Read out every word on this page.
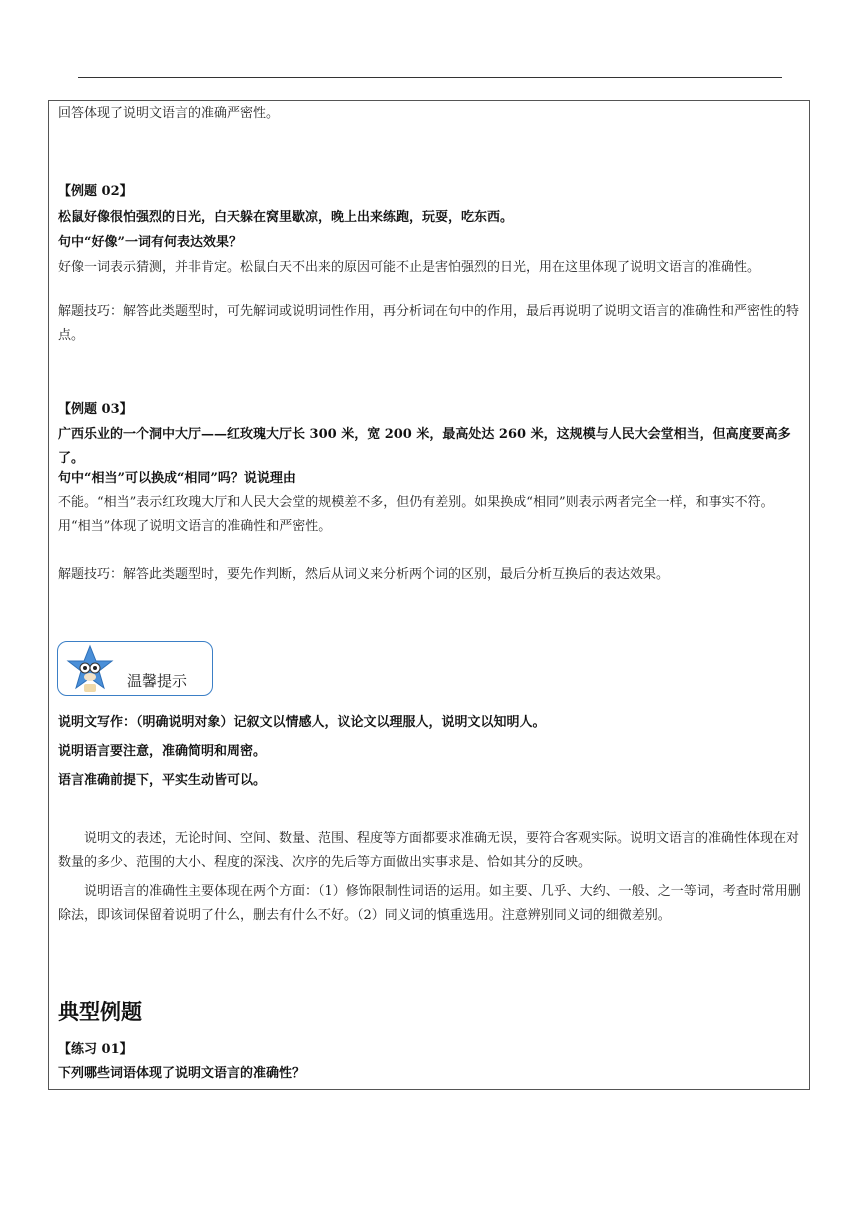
回答体现了说明文语言的准确严密性。
【例题 02】
松鼠好像很怕强烈的日光，白天躲在窝里歇凉，晚上出来练跑，玩耍，吃东西。
句中“好像”一词有何表达效果？
好像一词表示猜测，并非肯定。松鼠白天不出来的原因可能不止是害怕强烈的日光，用在这里体现了说明文语言的准确性。
解题技巧：解答此类题型时，可先解词或说明词性作用，再分析词在句中的作用，最后再说明了说明文语言的准确性和严密性的特点。
【例题 03】
广西乐业的一个洞中大厅——红玫瑰大厅长 300 米，宽 200 米，最高处达 260 米，这规模与人民大会堂相当，但高度要高多了。
句中“相当”可以换成“相同”吗？说说理由
不能。“相当”表示红玫瑰大厅和人民大会堂的规模差不多，但仍有差别。如果换成“相同”则表示两者完全一样，和事实不符。用“相当”体现了说明文语言的准确性和严密性。
解题技巧：解答此类题型时，要先作判断，然后从词义来分析两个词的区别，最后分析互换后的表达效果。
温馨提示
说明文写作：（明确说明对象）记叙文以情感人，议论文以理服人，说明文以知明人。
说明语言要注意，准确简明和周密。
语言准确前提下，平实生动皆可以。
说明文的表述，无论时间、空间、数量、范围、程度等方面都要求准确无误，要符合客观实际。说明文语言的准确性体现在对数量的多少、范围的大小、程度的深浅、次序的先后等方面做出实事求是、恰如其分的反映。
说明语言的准确性主要体现在两个方面：（1）修饰限制性词语的运用。如主要、几乎、大约、一般、之一等词，考查时常用删除法，即该词保留着说明了什么，删去有什么不好。（2）同义词的慎重选用。注意辨别同义词的细微差别。
典型例题
【练习 01】
下列哪些词语体现了说明文语言的准确性？
